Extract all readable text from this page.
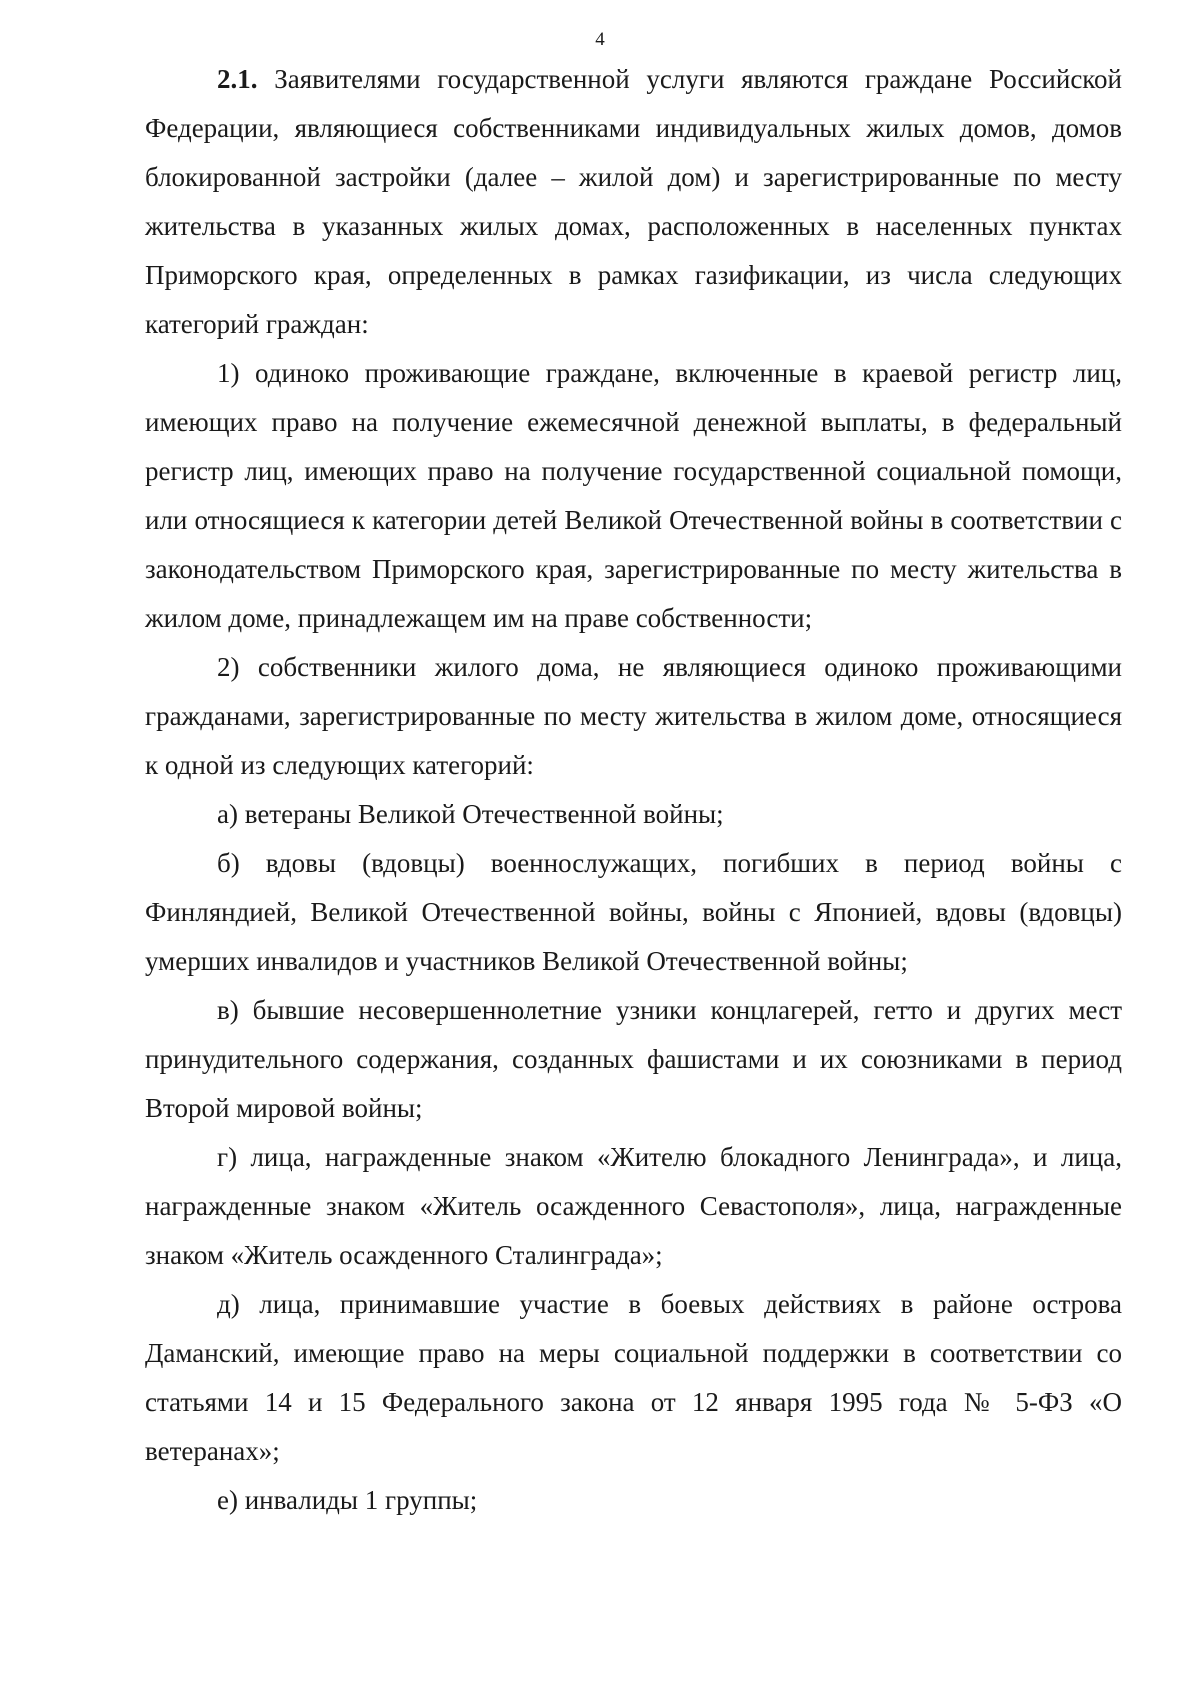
4

2.1. Заявителями государственной услуги являются граждане Российской Федерации, являющиеся собственниками индивидуальных жилых домов, домов блокированной застройки (далее – жилой дом) и зарегистрированные по месту жительства в указанных жилых домах, расположенных в населенных пунктах Приморского края, определенных в рамках газификации, из числа следующих категорий граждан:

1) одиноко проживающие граждане, включенные в краевой регистр лиц, имеющих право на получение ежемесячной денежной выплаты, в федеральный регистр лиц, имеющих право на получение государственной социальной помощи, или относящиеся к категории детей Великой Отечественной войны в соответствии с законодательством Приморского края, зарегистрированные по месту жительства в жилом доме, принадлежащем им на праве собственности;

2) собственники жилого дома, не являющиеся одиноко проживающими гражданами, зарегистрированные по месту жительства в жилом доме, относящиеся к одной из следующих категорий:

а) ветераны Великой Отечественной войны;

б) вдовы (вдовцы) военнослужащих, погибших в период войны с Финляндией, Великой Отечественной войны, войны с Японией, вдовы (вдовцы) умерших инвалидов и участников Великой Отечественной войны;

в) бывшие несовершеннолетние узники концлагерей, гетто и других мест принудительного содержания, созданных фашистами и их союзниками в период Второй мировой войны;

г) лица, награжденные знаком «Жителю блокадного Ленинграда», и лица, награжденные знаком «Житель осажденного Севастополя», лица, награжденные знаком «Житель осажденного Сталинграда»;

д) лица, принимавшие участие в боевых действиях в районе острова Даманский, имеющие право на меры социальной поддержки в соответствии со статьями 14 и 15 Федерального закона от 12 января 1995 года № 5-ФЗ «О ветеранах»;

е) инвалиды 1 группы;
